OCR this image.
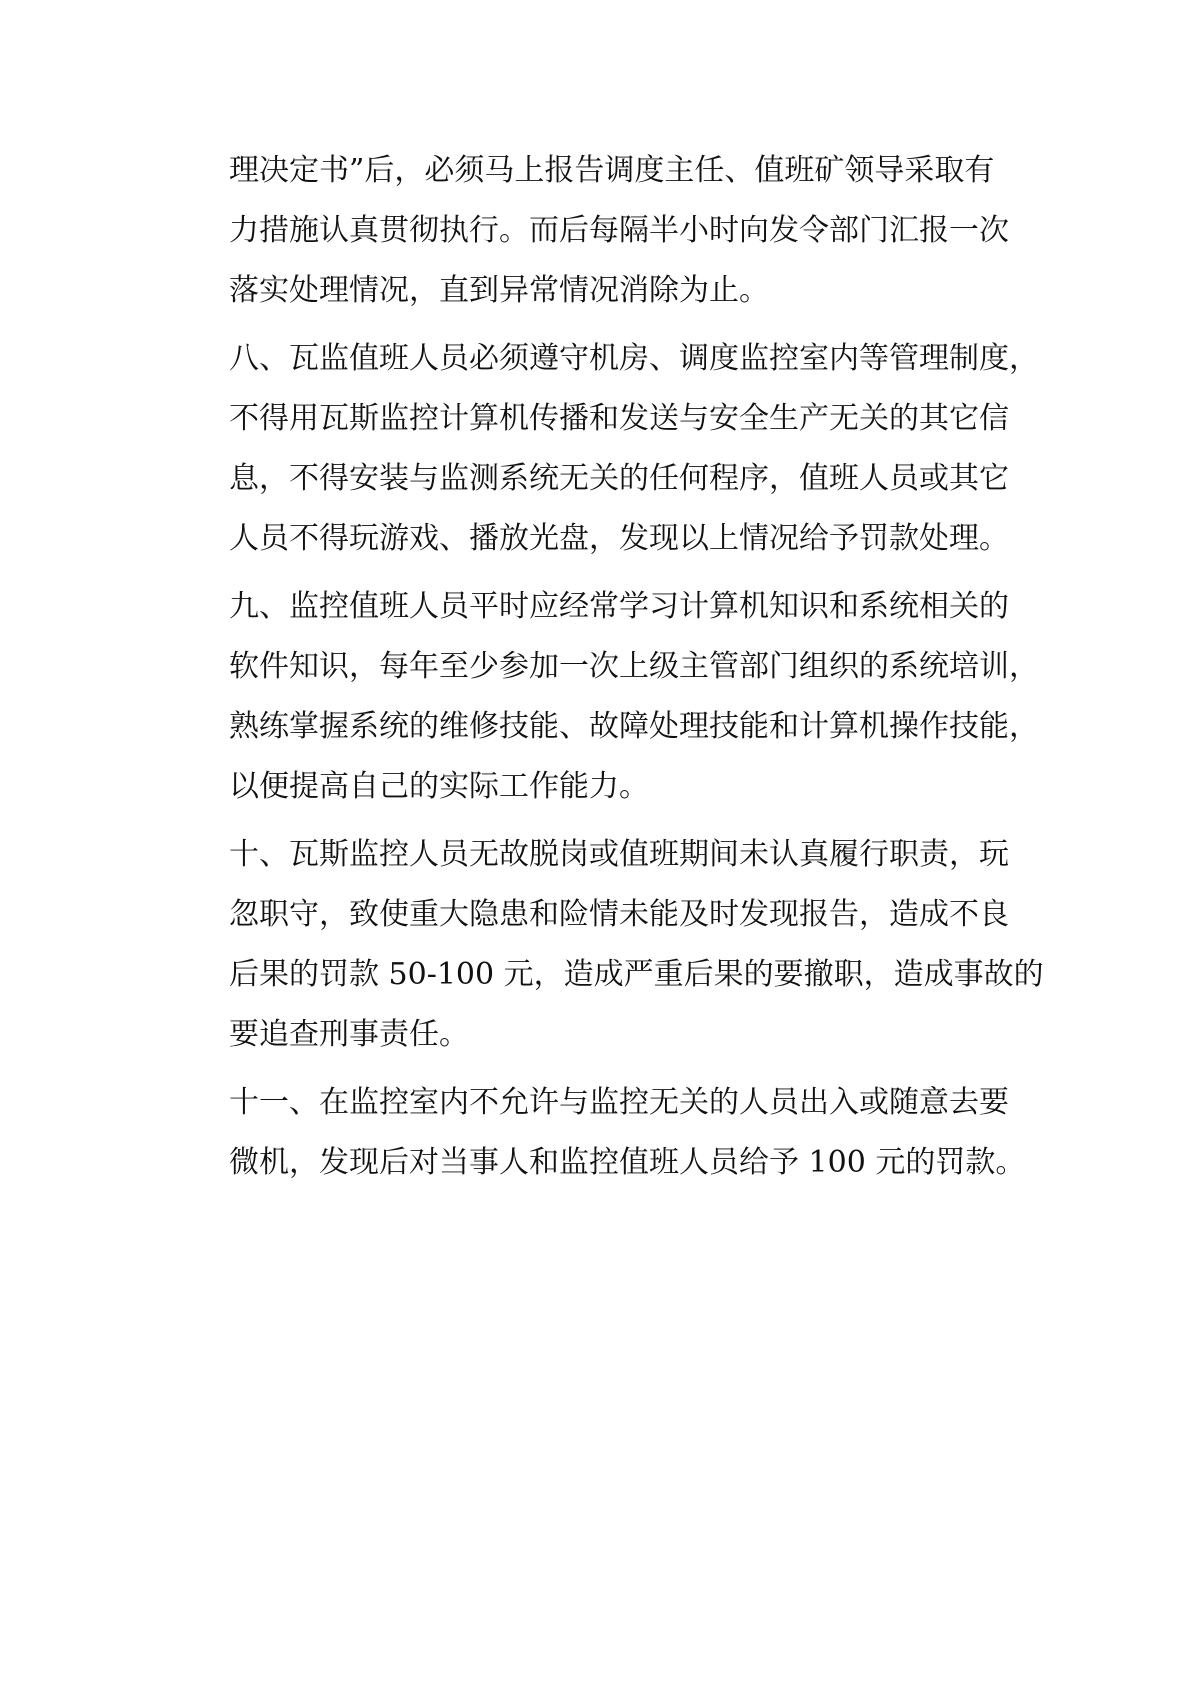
理决定书”后，必须马上报告调度主任、值班矿领导采取有
力措施认真贯彻执行。而后每隔半小时向发令部门汇报一次
落实处理情况，直到异常情况消除为止。
八、瓦监值班人员必须遵守机房、调度监控室内等管理制度，
不得用瓦斯监控计算机传播和发送与安全生产无关的其它信
息，不得安装与监测系统无关的任何程序，值班人员或其它
人员不得玩游戏、播放光盘，发现以上情况给予罚款处理。
九、监控值班人员平时应经常学习计算机知识和系统相关的
软件知识，每年至少参加一次上级主管部门组织的系统培训，
熟练掌握系统的维修技能、故障处理技能和计算机操作技能，
以便提高自己的实际工作能力。
十、瓦斯监控人员无故脱岗或值班期间未认真履行职责，玩
忽职守，致使重大隐患和险情未能及时发现报告，造成不良
后果的罚款 50-100 元，造成严重后果的要撤职，造成事故的
要追查刑事责任。
十一、在监控室内不允许与监控无关的人员出入或随意去要
微机，发现后对当事人和监控值班人员给予 100 元的罚款。
